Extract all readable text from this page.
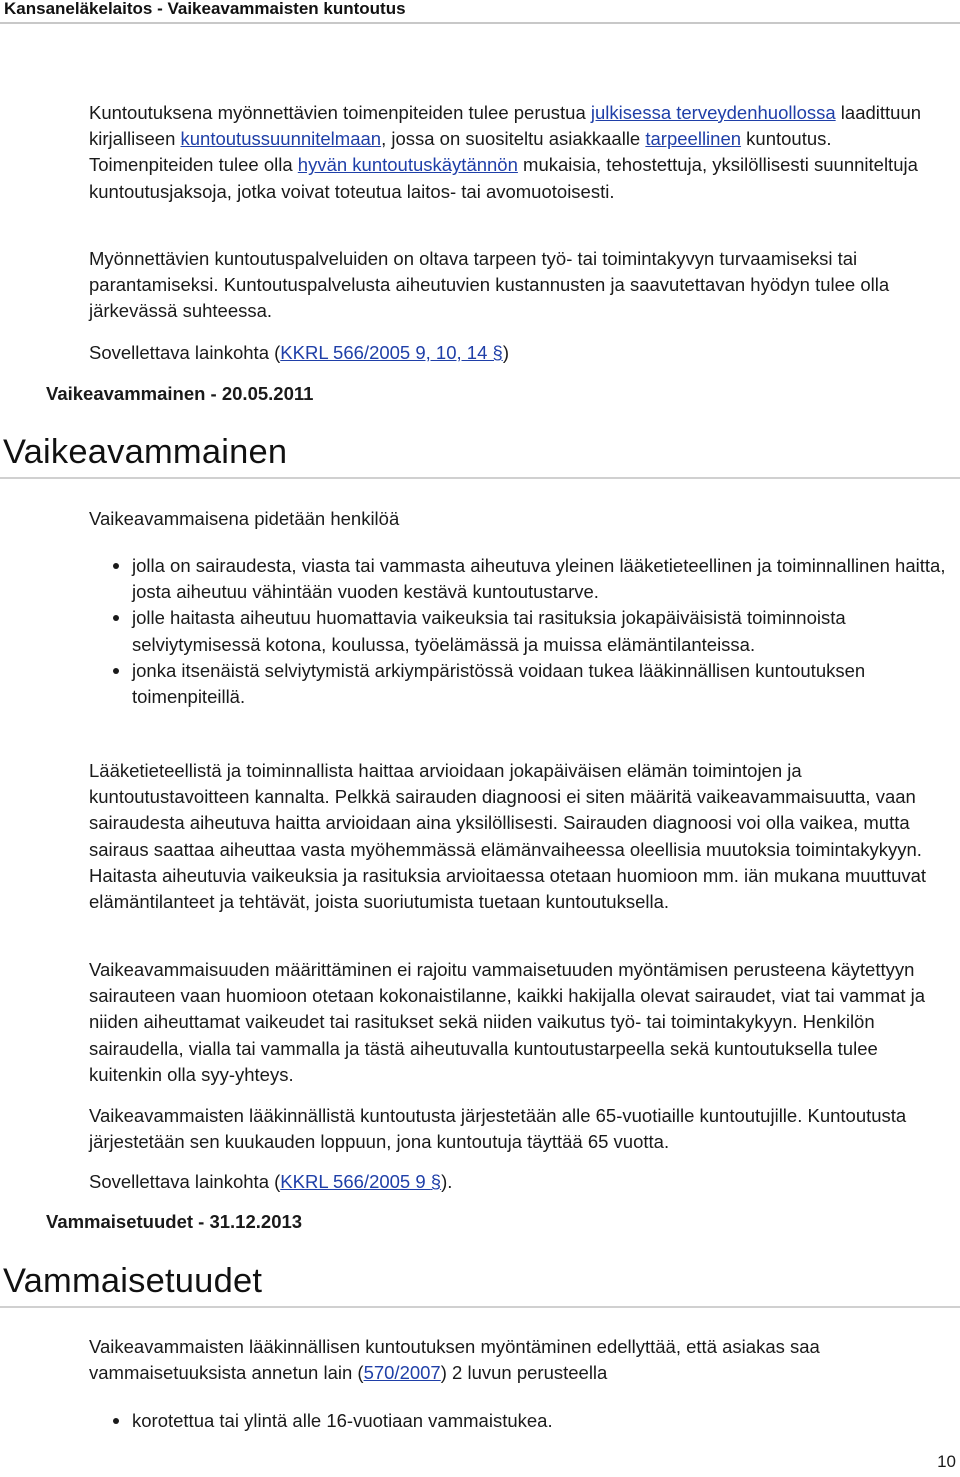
Kansaneläkelaitos - Vaikeavammaisten kuntoutus

Kuntoutuksena myönnettävien toimenpiteiden tulee perustua julkisessa terveydenhuollossa laadittuun kirjalliseen kuntoutussuunnitelmaan, jossa on suositeltu asiakkaalle tarpeellinen kuntoutus. Toimenpiteiden tulee olla hyvän kuntoutuskäytännön mukaisia, tehostettuja, yksilöllisesti suunniteltuja kuntoutusjaksoja, jotka voivat toteutua laitos- tai avomuotoisesti.

Myönnettävien kuntoutuspalveluiden on oltava tarpeen työ- tai toimintakyvyn turvaamiseksi tai parantamiseksi. Kuntoutuspalvelusta aiheutuvien kustannusten ja saavutettavan hyödyn tulee olla järkevässä suhteessa.

Sovellettava lainkohta (KKRL 566/2005 9, 10, 14 §)

Vaikeavammainen - 20.05.2011
Vaikeavammainen

Vaikeavammaisena pidetään henkilöä

jolla on sairaudesta, viasta tai vammasta aiheutuva yleinen lääketieteellinen ja toiminnallinen haitta, josta aiheutuu vähintään vuoden kestävä kuntoutustarve.
jolle haitasta aiheutuu huomattavia vaikeuksia tai rasituksia jokapäiväisistä toiminnoista selviytymisessä kotona, koulussa, työelämässä ja muissa elämäntilanteissa.
jonka itsenäistä selviytymistä arkiympäristössä voidaan tukea lääkinnällisen kuntoutuksen toimenpiteillä.

Lääketieteellistä ja toiminnallista haittaa arvioidaan jokapäiväisen elämän toimintojen ja kuntoutustavoitteen kannalta. Pelkkä sairauden diagnoosi ei siten määritä vaikeavammaisuutta, vaan sairaudesta aiheutuva haitta arvioidaan aina yksilöllisesti. Sairauden diagnoosi voi olla vaikea, mutta sairaus saattaa aiheuttaa vasta myöhemmässä elämänvaiheessa oleellisia muutoksia toimintakykyyn. Haitasta aiheutuvia vaikeuksia ja rasituksia arvioitaessa otetaan huomioon mm. iän mukana muuttuvat elämäntilanteet ja tehtävät, joista suoriutumista tuetaan kuntoutuksella.

Vaikeavammaisuuden määrittäminen ei rajoitu vammaisetuuden myöntämisen perusteena käytettyyn sairauteen vaan huomioon otetaan kokonaistilanne, kaikki hakijalla olevat sairaudet, viat tai vammat ja niiden aiheuttamat vaikeudet tai rasitukset sekä niiden vaikutus työ- tai toimintakykyyn. Henkilön sairaudella, vialla tai vammalla ja tästä aiheutuvalla kuntoutustarpeella sekä kuntoutuksella tulee kuitenkin olla syy-yhteys.

Vaikeavammaisten lääkinnällistä kuntoutusta järjestetään alle 65-vuotiaille kuntoutujille. Kuntoutusta järjestetään sen kuukauden loppuun, jona kuntoutuja täyttää 65 vuotta.

Sovellettava lainkohta (KKRL 566/2005 9 §).

Vammaisetuudet - 31.12.2013
Vammaisetuudet

Vaikeavammaisten lääkinnällisen kuntoutuksen myöntäminen edellyttää, että asiakas saa vammaisetuuksista annetun lain (570/2007) 2 luvun perusteella

korotettua tai ylintä alle 16-vuotiaan vammaistukea.
10
